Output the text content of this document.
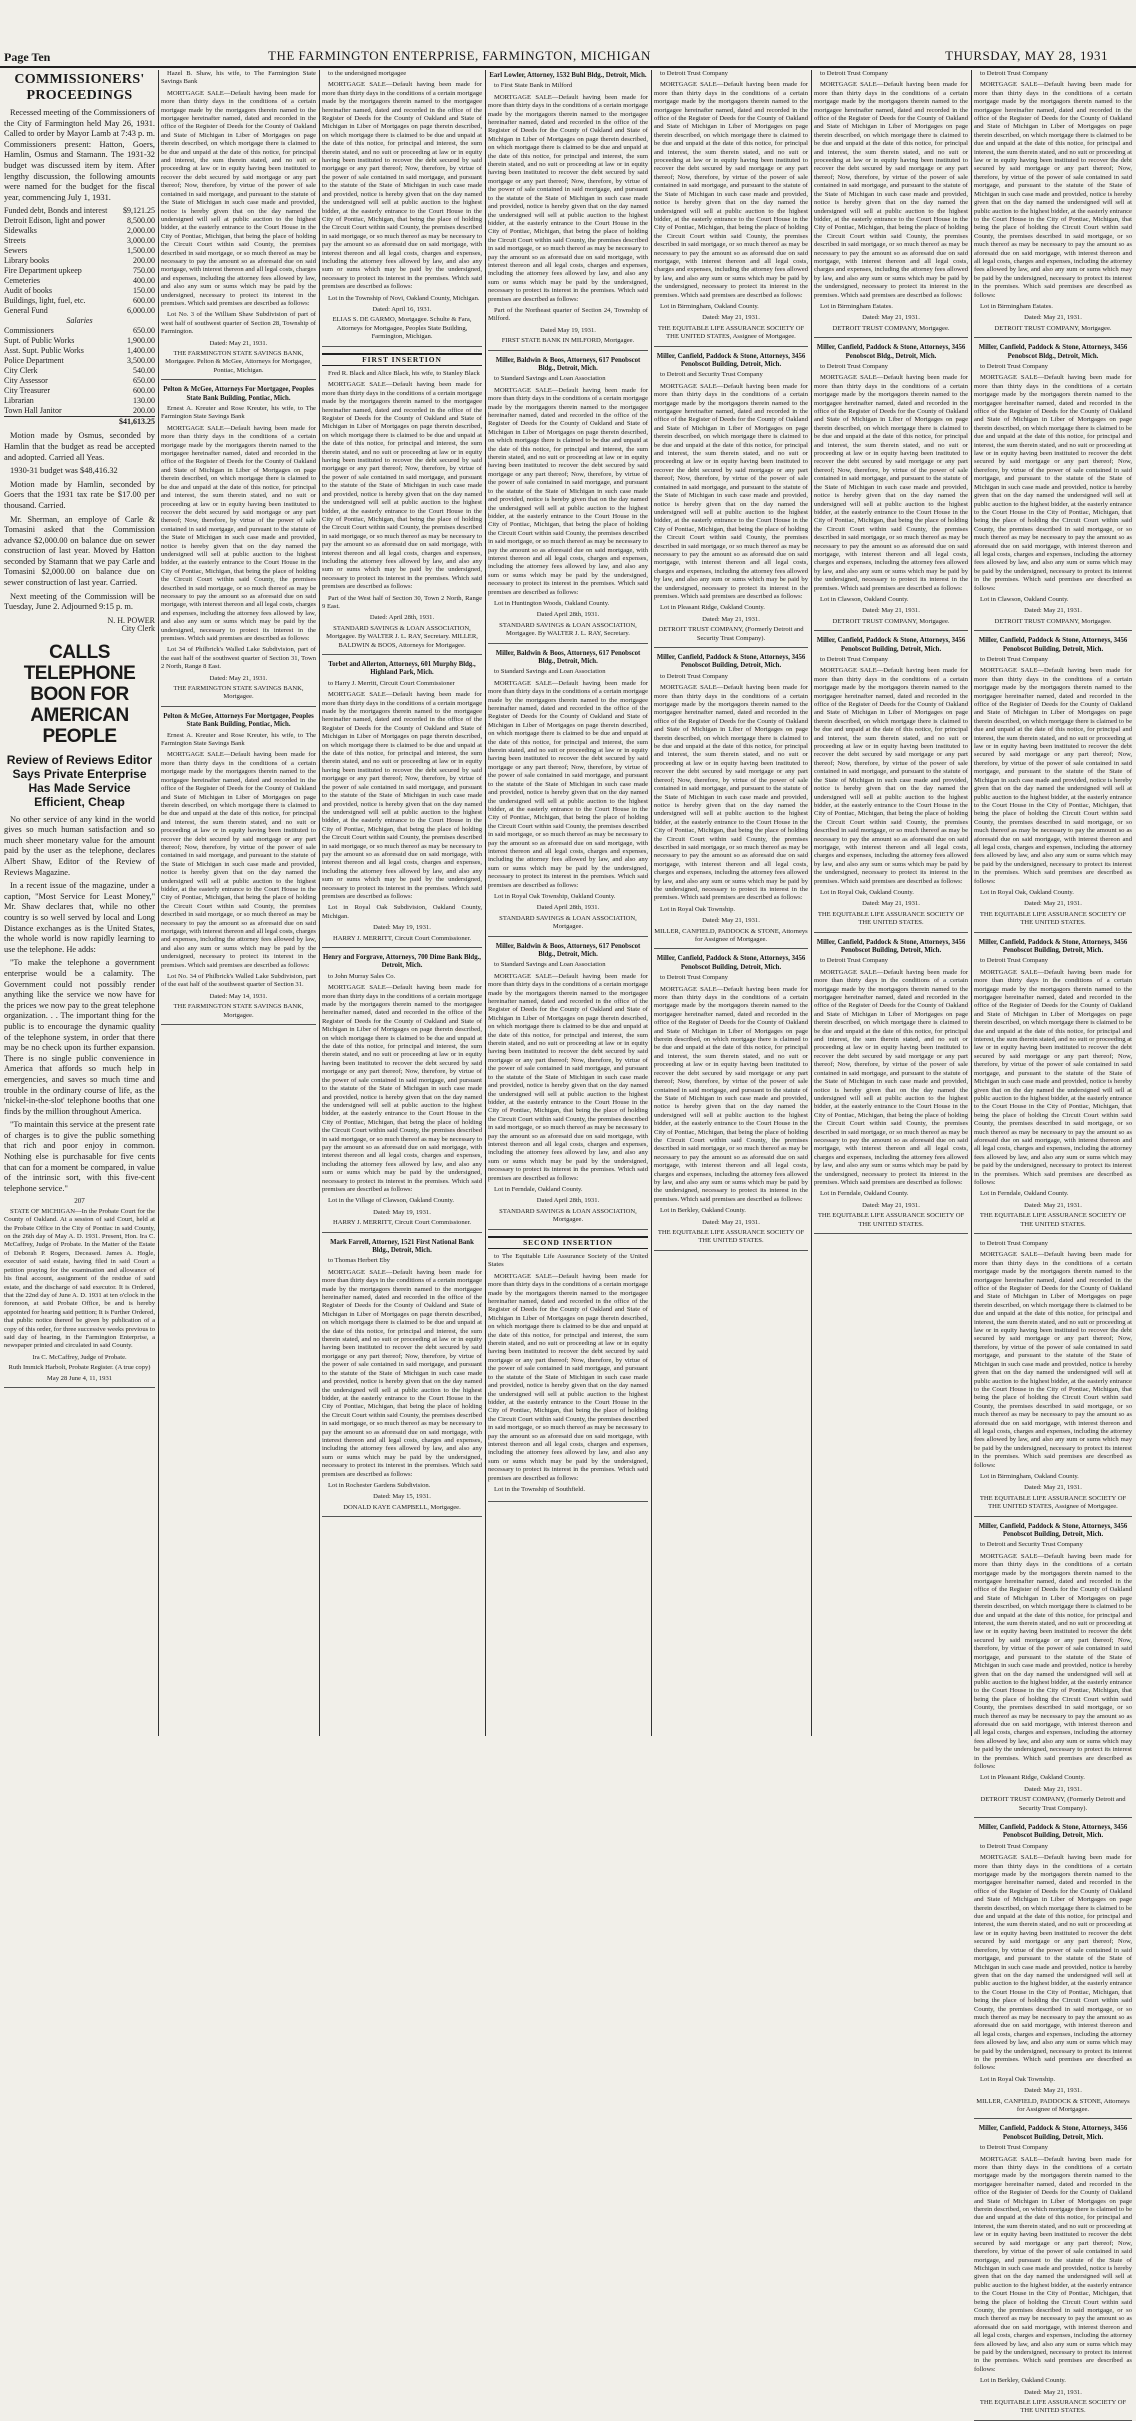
Page Ten	THE FARMINGTON ENTERPRISE, FARMINGTON, MICHIGAN	THURSDAY, MAY 28, 1931
COMMISSIONERS' PROCEEDINGS

Recessed meeting of the Commissioners of the City of Farmington held May 26, 1931. Called to order by Mayor Lamb at 7:43 p. m. Commissioners present: Hatton, Goers, Hamlin, Osmus and Stamann. The 1931-32 budget was discussed item by item. After lengthy discussion, the following amounts were named for the budget for the fiscal year, commencing July 1, 1931.

Funded debt, Bonds and interest	$9,121.25
Detroit Edison, light and power	8,500.00
Sidewalks	2,000.00
Streets	3,000.00
Sewers	1,500.00
Library books	200.00
Fire Department upkeep	750.00
Cemeteries	400.00
Audit of books	150.00
Buildings, light, fuel, etc.	600.00
General Fund	6,000.00
Salaries	
Commissioners	650.00
Supt. of Public Works	1,900.00
Asst. Supt. Public Works	1,400.00
Police Department	3,500.00
City Clerk	540.00
City Assessor	650.00
City Treasurer	600.00
Librarian	130.00
Town Hall Janitor	200.00
	$41,613.25

Motion made by Osmus, seconded by Hamlin that the budget as read be accepted and adopted. Carried all Yeas.

1930-31 budget was $48,416.32

Motion made by Hamlin, seconded by Goers that the 1931 tax rate be $17.00 per thousand. Carried.

Mr. Sherman, an employe of Carle & Tomasini asked that the Commission advance $2,000.00 on balance due on sewer construction of last year. Moved by Hatton seconded by Stamann that we pay Carle and Tomasini $2,000.00 on balance due on sewer construction of last year. Carried.

Next meeting of the Commission will be Tuesday, June 2. Adjourned 9:15 p. m.

N. H. POWER
City Clerk
CALLS TELEPHONE BOON FOR AMERICAN PEOPLE
Review of Reviews Editor Says Private Enterprise Has Made Service Efficient, Cheap

No other service of any kind in the world gives so much human satisfaction and so much sheer monetary value for the amount paid by the user as the telephone, declares Albert Shaw, Editor of the Review of Reviews Magazine.

In a recent issue of the magazine, under a caption, "Most Service for Least Money," Mr. Shaw declares that, while no other country is so well served by local and Long Distance exchanges as is the United States, the whole world is now rapidly learning to use the telephone. He adds:

"To make the telephone a government enterprise would be a calamity. The Government could not possibly render anything like the service we now have for the prices we now pay to the great telephone organization. . . The important thing for the public is to encourage the dynamic quality of the telephone system, in order that there may be no check upon its further expansion. There is no single public convenience in America that affords so much help in emergencies, and saves so much time and trouble in the ordinary course of life, as the 'nickel-in-the-slot' telephone booths that one finds by the million throughout America.

"To maintain this service at the present rate of charges is to give the public something that rich and poor enjoy in common. Nothing else is purchasable for five cents that can for a moment be compared, in value of the intrinsic sort, with this five-cent telephone service."

207

STATE OF MICHIGAN—In the Probate Court for the County of Oakland. At a session of said Court, held at the Probate Office in the City of Pontiac in said County, on the 26th day of May A. D. 1931. Present, Hon. Ira C. McCaffrey, Judge of Probate. In the Matter of the Estate of Deborah P. Rogers, Deceased. James A. Hogle, executor of said estate, having filed in said Court a petition praying for the examination and allowance of his final account, assignment of the residue of said estate, and the discharge of said executor. It is Ordered, that the 22nd day of June A. D. 1931 at ten o'clock in the forenoon, at said Probate Office, be and is hereby appointed for hearing said petition; It is Further Ordered, that public notice thereof be given by publication of a copy of this order, for three successive weeks previous to said day of hearing, in the Farmington Enterprise, a newspaper printed and circulated in said County.

Ira C. McCaffrey, Judge of Probate.
Ruth Immick Harbolt, Probate Register. (A true copy)
May 28 June 4, 11, 1931

Hazel B. Shaw, his wife, to The Farmington State Savings Bank

MORTGAGE SALE—Default having been made for more than thirty days in the conditions of a certain mortgage made by the mortgagors therein named to the mortgagee hereinafter named, dated and recorded in the office of the Register of Deeds for the County of Oakland and State of Michigan in Liber of Mortgages on page therein described, on which mortgage there is claimed to be due and unpaid at the date of this notice, for principal and interest, the sum therein stated, and no suit or proceeding at law or in equity having been instituted to recover the debt secured by said mortgage or any part thereof; Now, therefore, by virtue of the power of sale contained in said mortgage, and pursuant to the statute of the State of Michigan in such case made and provided, notice is hereby given that on the day named the undersigned will sell at public auction to the highest bidder, at the easterly entrance to the Court House in the City of Pontiac, Michigan, that being the place of holding the Circuit Court within said County, the premises described in said mortgage, or so much thereof as may be necessary to pay the amount so as aforesaid due on said mortgage, with interest thereon and all legal costs, charges and expenses, including the attorney fees allowed by law, and also any sum or sums which may be paid by the undersigned, necessary to protect its interest in the premises. Which said premises are described as follows:

Lot No. 3 of the William Shaw Subdivision of part of west half of southwest quarter of Section 28, Township of Farmington.

Dated: May 21, 1931.
THE FARMINGTON STATE SAVINGS BANK, Mortgagee. Pelton & McGee, Attorneys for Mortgagee, Pontiac, Michigan.
Pelton & McGee, Attorneys For Mortgagee, Peoples State Bank Building, Pontiac, Mich.

Ernest A. Kreuter and Rose Kreuter, his wife, to The Farmington State Savings Bank

MORTGAGE SALE—Default having been made for more than thirty days in the conditions of a certain mortgage made by the mortgagors therein named to the mortgagee hereinafter named, dated and recorded in the office of the Register of Deeds for the County of Oakland and State of Michigan in Liber of Mortgages on page therein described, on which mortgage there is claimed to be due and unpaid at the date of this notice, for principal and interest, the sum therein stated, and no suit or proceeding at law or in equity having been instituted to recover the debt secured by said mortgage or any part thereof; Now, therefore, by virtue of the power of sale contained in said mortgage, and pursuant to the statute of the State of Michigan in such case made and provided, notice is hereby given that on the day named the undersigned will sell at public auction to the highest bidder, at the easterly entrance to the Court House in the City of Pontiac, Michigan, that being the place of holding the Circuit Court within said County, the premises described in said mortgage, or so much thereof as may be necessary to pay the amount so as aforesaid due on said mortgage, with interest thereon and all legal costs, charges and expenses, including the attorney fees allowed by law, and also any sum or sums which may be paid by the undersigned, necessary to protect its interest in the premises. Which said premises are described as follows:

Lot 34 of Philbrick's Walled Lake Subdivision, part of the east half of the southwest quarter of Section 31, Town 2 North, Range 8 East.

Dated: May 21, 1931.
THE FARMINGTON STATE SAVINGS BANK, Mortgagee.
Pelton & McGee, Attorneys For Mortgagee, Peoples State Bank Building, Pontiac, Mich.

Ernest A. Kreuter and Rose Kreuter, his wife, to The Farmington State Savings Bank

MORTGAGE SALE—Default having been made for more than thirty days in the conditions of a certain mortgage made by the mortgagors therein named to the mortgagee hereinafter named, dated and recorded in the office of the Register of Deeds for the County of Oakland and State of Michigan in Liber of Mortgages on page therein described, on which mortgage there is claimed to be due and unpaid at the date of this notice, for principal and interest, the sum therein stated, and no suit or proceeding at law or in equity having been instituted to recover the debt secured by said mortgage or any part thereof; Now, therefore, by virtue of the power of sale contained in said mortgage, and pursuant to the statute of the State of Michigan in such case made and provided, notice is hereby given that on the day named the undersigned will sell at public auction to the highest bidder, at the easterly entrance to the Court House in the City of Pontiac, Michigan, that being the place of holding the Circuit Court within said County, the premises described in said mortgage, or so much thereof as may be necessary to pay the amount so as aforesaid due on said mortgage, with interest thereon and all legal costs, charges and expenses, including the attorney fees allowed by law, and also any sum or sums which may be paid by the undersigned, necessary to protect its interest in the premises. Which said premises are described as follows:

Lot No. 34 of Philbrick's Walled Lake Subdivision, part of the east half of the southwest quarter of Section 31.

Dated: May 14, 1931.
THE FARMINGTON STATE SAVINGS BANK, Mortgagee.

to the undersigned mortgagee

MORTGAGE SALE—Default having been made for more than thirty days in the conditions of a certain mortgage made by the mortgagors therein named to the mortgagee hereinafter named, dated and recorded in the office of the Register of Deeds for the County of Oakland and State of Michigan in Liber of Mortgages on page therein described, on which mortgage there is claimed to be due and unpaid at the date of this notice, for principal and interest, the sum therein stated, and no suit or proceeding at law or in equity having been instituted to recover the debt secured by said mortgage or any part thereof; Now, therefore, by virtue of the power of sale contained in said mortgage, and pursuant to the statute of the State of Michigan in such case made and provided, notice is hereby given that on the day named the undersigned will sell at public auction to the highest bidder, at the easterly entrance to the Court House in the City of Pontiac, Michigan, that being the place of holding the Circuit Court within said County, the premises described in said mortgage, or so much thereof as may be necessary to pay the amount so as aforesaid due on said mortgage, with interest thereon and all legal costs, charges and expenses, including the attorney fees allowed by law, and also any sum or sums which may be paid by the undersigned, necessary to protect its interest in the premises. Which said premises are described as follows:

Lot in the Township of Novi, Oakland County, Michigan.

Dated: April 16, 1931.
ELIAS S. DE GARMO, Mortgagee. Schulte & Fara, Attorneys for Mortgagee, Peoples State Building, Farmington, Michigan.
FIRST INSERTION

Fred R. Black and Alice Black, his wife, to Stanley Black

MORTGAGE SALE—Default having been made for more than thirty days in the conditions of a certain mortgage made by the mortgagors therein named to the mortgagee hereinafter named, dated and recorded in the office of the Register of Deeds for the County of Oakland and State of Michigan in Liber of Mortgages on page therein described, on which mortgage there is claimed to be due and unpaid at the date of this notice, for principal and interest, the sum therein stated, and no suit or proceeding at law or in equity having been instituted to recover the debt secured by said mortgage or any part thereof; Now, therefore, by virtue of the power of sale contained in said mortgage, and pursuant to the statute of the State of Michigan in such case made and provided, notice is hereby given that on the day named the undersigned will sell at public auction to the highest bidder, at the easterly entrance to the Court House in the City of Pontiac, Michigan, that being the place of holding the Circuit Court within said County, the premises described in said mortgage, or so much thereof as may be necessary to pay the amount so as aforesaid due on said mortgage, with interest thereon and all legal costs, charges and expenses, including the attorney fees allowed by law, and also any sum or sums which may be paid by the undersigned, necessary to protect its interest in the premises. Which said premises are described as follows:

Part of the West half of Section 30, Town 2 North, Range 9 East.

Dated: April 28th, 1931.
STANDARD SAVINGS & LOAN ASSOCIATION, Mortgagee. By WALTER J. L. RAY, Secretary. MILLER, BALDWIN & BOOS, Attorneys for Mortgagee.
Torbet and Allerton, Attorneys, 601 Murphy Bldg., Highland Park, Mich.

to Harry J. Merritt, Circuit Court Commissioner

MORTGAGE SALE—Default having been made for more than thirty days in the conditions of a certain mortgage made by the mortgagors therein named to the mortgagee hereinafter named, dated and recorded in the office of the Register of Deeds for the County of Oakland and State of Michigan in Liber of Mortgages on page therein described, on which mortgage there is claimed to be due and unpaid at the date of this notice, for principal and interest, the sum therein stated, and no suit or proceeding at law or in equity having been instituted to recover the debt secured by said mortgage or any part thereof; Now, therefore, by virtue of the power of sale contained in said mortgage, and pursuant to the statute of the State of Michigan in such case made and provided, notice is hereby given that on the day named the undersigned will sell at public auction to the highest bidder, at the easterly entrance to the Court House in the City of Pontiac, Michigan, that being the place of holding the Circuit Court within said County, the premises described in said mortgage, or so much thereof as may be necessary to pay the amount so as aforesaid due on said mortgage, with interest thereon and all legal costs, charges and expenses, including the attorney fees allowed by law, and also any sum or sums which may be paid by the undersigned, necessary to protect its interest in the premises. Which said premises are described as follows:

Lot in Royal Oak Subdivision, Oakland County, Michigan.

Dated: May 19, 1931.
HARRY J. MERRITT, Circuit Court Commissioner.
Henry and Forgrave, Attorneys, 700 Dime Bank Bldg., Detroit, Mich.

to John Murray Sales Co.

MORTGAGE SALE—Default having been made for more than thirty days in the conditions of a certain mortgage made by the mortgagors therein named to the mortgagee hereinafter named, dated and recorded in the office of the Register of Deeds for the County of Oakland and State of Michigan in Liber of Mortgages on page therein described, on which mortgage there is claimed to be due and unpaid at the date of this notice, for principal and interest, the sum therein stated, and no suit or proceeding at law or in equity having been instituted to recover the debt secured by said mortgage or any part thereof; Now, therefore, by virtue of the power of sale contained in said mortgage, and pursuant to the statute of the State of Michigan in such case made and provided, notice is hereby given that on the day named the undersigned will sell at public auction to the highest bidder, at the easterly entrance to the Court House in the City of Pontiac, Michigan, that being the place of holding the Circuit Court within said County, the premises described in said mortgage, or so much thereof as may be necessary to pay the amount so as aforesaid due on said mortgage, with interest thereon and all legal costs, charges and expenses, including the attorney fees allowed by law, and also any sum or sums which may be paid by the undersigned, necessary to protect its interest in the premises. Which said premises are described as follows:

Lot in the Village of Clawson, Oakland County.

Dated: May 19, 1931.
HARRY J. MERRITT, Circuit Court Commissioner.
Mark Farrell, Attorney, 1521 First National Bank Bldg., Detroit, Mich.

to Thomas Herbert Eby

MORTGAGE SALE—Default having been made for more than thirty days in the conditions of a certain mortgage made by the mortgagors therein named to the mortgagee hereinafter named, dated and recorded in the office of the Register of Deeds for the County of Oakland and State of Michigan in Liber of Mortgages on page therein described, on which mortgage there is claimed to be due and unpaid at the date of this notice, for principal and interest, the sum therein stated, and no suit or proceeding at law or in equity having been instituted to recover the debt secured by said mortgage or any part thereof; Now, therefore, by virtue of the power of sale contained in said mortgage, and pursuant to the statute of the State of Michigan in such case made and provided, notice is hereby given that on the day named the undersigned will sell at public auction to the highest bidder, at the easterly entrance to the Court House in the City of Pontiac, Michigan, that being the place of holding the Circuit Court within said County, the premises described in said mortgage, or so much thereof as may be necessary to pay the amount so as aforesaid due on said mortgage, with interest thereon and all legal costs, charges and expenses, including the attorney fees allowed by law, and also any sum or sums which may be paid by the undersigned, necessary to protect its interest in the premises. Which said premises are described as follows:

Lot in Rochester Gardens Subdivision.

Dated: May 15, 1931.
DONALD KAYE CAMPBELL, Mortgagee.
Earl Lowler, Attorney, 1532 Buhl Bldg., Detroit, Mich.

to First State Bank in Milford

MORTGAGE SALE—Default having been made for more than thirty days in the conditions of a certain mortgage made by the mortgagors therein named to the mortgagee hereinafter named, dated and recorded in the office of the Register of Deeds for the County of Oakland and State of Michigan in Liber of Mortgages on page therein described, on which mortgage there is claimed to be due and unpaid at the date of this notice, for principal and interest, the sum therein stated, and no suit or proceeding at law or in equity having been instituted to recover the debt secured by said mortgage or any part thereof; Now, therefore, by virtue of the power of sale contained in said mortgage, and pursuant to the statute of the State of Michigan in such case made and provided, notice is hereby given that on the day named the undersigned will sell at public auction to the highest bidder, at the easterly entrance to the Court House in the City of Pontiac, Michigan, that being the place of holding the Circuit Court within said County, the premises described in said mortgage, or so much thereof as may be necessary to pay the amount so as aforesaid due on said mortgage, with interest thereon and all legal costs, charges and expenses, including the attorney fees allowed by law, and also any sum or sums which may be paid by the undersigned, necessary to protect its interest in the premises. Which said premises are described as follows:

Part of the Northeast quarter of Section 24, Township of Milford.

Dated May 19, 1931.
FIRST STATE BANK IN MILFORD, Mortgagee.
Miller, Baldwin & Boos, Attorneys, 617 Penobscot Bldg., Detroit, Mich.

to Standard Savings and Loan Association

MORTGAGE SALE—Default having been made for more than thirty days in the conditions of a certain mortgage made by the mortgagors therein named to the mortgagee hereinafter named, dated and recorded in the office of the Register of Deeds for the County of Oakland and State of Michigan in Liber of Mortgages on page therein described, on which mortgage there is claimed to be due and unpaid at the date of this notice, for principal and interest, the sum therein stated, and no suit or proceeding at law or in equity having been instituted to recover the debt secured by said mortgage or any part thereof; Now, therefore, by virtue of the power of sale contained in said mortgage, and pursuant to the statute of the State of Michigan in such case made and provided, notice is hereby given that on the day named the undersigned will sell at public auction to the highest bidder, at the easterly entrance to the Court House in the City of Pontiac, Michigan, that being the place of holding the Circuit Court within said County, the premises described in said mortgage, or so much thereof as may be necessary to pay the amount so as aforesaid due on said mortgage, with interest thereon and all legal costs, charges and expenses, including the attorney fees allowed by law, and also any sum or sums which may be paid by the undersigned, necessary to protect its interest in the premises. Which said premises are described as follows:

Lot in Huntington Woods, Oakland County.

Dated April 28th, 1931.
STANDARD SAVINGS & LOAN ASSOCIATION, Mortgagee. By WALTER J. L. RAY, Secretary.
Miller, Baldwin & Boos, Attorneys, 617 Penobscot Bldg., Detroit, Mich.

to Standard Savings and Loan Association

MORTGAGE SALE—Default having been made for more than thirty days in the conditions of a certain mortgage made by the mortgagors therein named to the mortgagee hereinafter named, dated and recorded in the office of the Register of Deeds for the County of Oakland and State of Michigan in Liber of Mortgages on page therein described, on which mortgage there is claimed to be due and unpaid at the date of this notice, for principal and interest, the sum therein stated, and no suit or proceeding at law or in equity having been instituted to recover the debt secured by said mortgage or any part thereof; Now, therefore, by virtue of the power of sale contained in said mortgage, and pursuant to the statute of the State of Michigan in such case made and provided, notice is hereby given that on the day named the undersigned will sell at public auction to the highest bidder, at the easterly entrance to the Court House in the City of Pontiac, Michigan, that being the place of holding the Circuit Court within said County, the premises described in said mortgage, or so much thereof as may be necessary to pay the amount so as aforesaid due on said mortgage, with interest thereon and all legal costs, charges and expenses, including the attorney fees allowed by law, and also any sum or sums which may be paid by the undersigned, necessary to protect its interest in the premises. Which said premises are described as follows:

Lot in Royal Oak Township, Oakland County.

Dated April 28th, 1931.
STANDARD SAVINGS & LOAN ASSOCIATION, Mortgagee.
Miller, Baldwin & Boos, Attorneys, 617 Penobscot Bldg., Detroit, Mich.

to Standard Savings and Loan Association

MORTGAGE SALE—Default having been made for more than thirty days in the conditions of a certain mortgage made by the mortgagors therein named to the mortgagee hereinafter named, dated and recorded in the office of the Register of Deeds for the County of Oakland and State of Michigan in Liber of Mortgages on page therein described, on which mortgage there is claimed to be due and unpaid at the date of this notice, for principal and interest, the sum therein stated, and no suit or proceeding at law or in equity having been instituted to recover the debt secured by said mortgage or any part thereof; Now, therefore, by virtue of the power of sale contained in said mortgage, and pursuant to the statute of the State of Michigan in such case made and provided, notice is hereby given that on the day named the undersigned will sell at public auction to the highest bidder, at the easterly entrance to the Court House in the City of Pontiac, Michigan, that being the place of holding the Circuit Court within said County, the premises described in said mortgage, or so much thereof as may be necessary to pay the amount so as aforesaid due on said mortgage, with interest thereon and all legal costs, charges and expenses, including the attorney fees allowed by law, and also any sum or sums which may be paid by the undersigned, necessary to protect its interest in the premises. Which said premises are described as follows:

Lot in Ferndale, Oakland County.

Dated April 28th, 1931.
STANDARD SAVINGS & LOAN ASSOCIATION, Mortgagee.
SECOND INSERTION

to The Equitable Life Assurance Society of the United States

MORTGAGE SALE—Default having been made for more than thirty days in the conditions of a certain mortgage made by the mortgagors therein named to the mortgagee hereinafter named, dated and recorded in the office of the Register of Deeds for the County of Oakland and State of Michigan in Liber of Mortgages on page therein described, on which mortgage there is claimed to be due and unpaid at the date of this notice, for principal and interest, the sum therein stated, and no suit or proceeding at law or in equity having been instituted to recover the debt secured by said mortgage or any part thereof; Now, therefore, by virtue of the power of sale contained in said mortgage, and pursuant to the statute of the State of Michigan in such case made and provided, notice is hereby given that on the day named the undersigned will sell at public auction to the highest bidder, at the easterly entrance to the Court House in the City of Pontiac, Michigan, that being the place of holding the Circuit Court within said County, the premises described in said mortgage, or so much thereof as may be necessary to pay the amount so as aforesaid due on said mortgage, with interest thereon and all legal costs, charges and expenses, including the attorney fees allowed by law, and also any sum or sums which may be paid by the undersigned, necessary to protect its interest in the premises. Which said premises are described as follows:

Lot in the Township of Southfield.

to Detroit Trust Company

MORTGAGE SALE—Default having been made for more than thirty days in the conditions of a certain mortgage made by the mortgagors therein named to the mortgagee hereinafter named, dated and recorded in the office of the Register of Deeds for the County of Oakland and State of Michigan in Liber of Mortgages on page therein described, on which mortgage there is claimed to be due and unpaid at the date of this notice, for principal and interest, the sum therein stated, and no suit or proceeding at law or in equity having been instituted to recover the debt secured by said mortgage or any part thereof; Now, therefore, by virtue of the power of sale contained in said mortgage, and pursuant to the statute of the State of Michigan in such case made and provided, notice is hereby given that on the day named the undersigned will sell at public auction to the highest bidder, at the easterly entrance to the Court House in the City of Pontiac, Michigan, that being the place of holding the Circuit Court within said County, the premises described in said mortgage, or so much thereof as may be necessary to pay the amount so as aforesaid due on said mortgage, with interest thereon and all legal costs, charges and expenses, including the attorney fees allowed by law, and also any sum or sums which may be paid by the undersigned, necessary to protect its interest in the premises. Which said premises are described as follows:

Lot in Birmingham, Oakland County.

Dated: May 21, 1931.
THE EQUITABLE LIFE ASSURANCE SOCIETY OF THE UNITED STATES, Assignee of Mortgagee.
Miller, Canfield, Paddock & Stone, Attorneys, 3456 Penobscot Building, Detroit, Mich.

to Detroit and Security Trust Company

MORTGAGE SALE—Default having been made for more than thirty days in the conditions of a certain mortgage made by the mortgagors therein named to the mortgagee hereinafter named, dated and recorded in the office of the Register of Deeds for the County of Oakland and State of Michigan in Liber of Mortgages on page therein described, on which mortgage there is claimed to be due and unpaid at the date of this notice, for principal and interest, the sum therein stated, and no suit or proceeding at law or in equity having been instituted to recover the debt secured by said mortgage or any part thereof; Now, therefore, by virtue of the power of sale contained in said mortgage, and pursuant to the statute of the State of Michigan in such case made and provided, notice is hereby given that on the day named the undersigned will sell at public auction to the highest bidder, at the easterly entrance to the Court House in the City of Pontiac, Michigan, that being the place of holding the Circuit Court within said County, the premises described in said mortgage, or so much thereof as may be necessary to pay the amount so as aforesaid due on said mortgage, with interest thereon and all legal costs, charges and expenses, including the attorney fees allowed by law, and also any sum or sums which may be paid by the undersigned, necessary to protect its interest in the premises. Which said premises are described as follows:

Lot in Pleasant Ridge, Oakland County.

Dated: May 21, 1931.
DETROIT TRUST COMPANY, (Formerly Detroit and Security Trust Company).
Miller, Canfield, Paddock & Stone, Attorneys, 3456 Penobscot Building, Detroit, Mich.

to Detroit Trust Company

MORTGAGE SALE—Default having been made for more than thirty days in the conditions of a certain mortgage made by the mortgagors therein named to the mortgagee hereinafter named, dated and recorded in the office of the Register of Deeds for the County of Oakland and State of Michigan in Liber of Mortgages on page therein described, on which mortgage there is claimed to be due and unpaid at the date of this notice, for principal and interest, the sum therein stated, and no suit or proceeding at law or in equity having been instituted to recover the debt secured by said mortgage or any part thereof; Now, therefore, by virtue of the power of sale contained in said mortgage, and pursuant to the statute of the State of Michigan in such case made and provided, notice is hereby given that on the day named the undersigned will sell at public auction to the highest bidder, at the easterly entrance to the Court House in the City of Pontiac, Michigan, that being the place of holding the Circuit Court within said County, the premises described in said mortgage, or so much thereof as may be necessary to pay the amount so as aforesaid due on said mortgage, with interest thereon and all legal costs, charges and expenses, including the attorney fees allowed by law, and also any sum or sums which may be paid by the undersigned, necessary to protect its interest in the premises. Which said premises are described as follows:

Lot in Royal Oak Township.

Dated: May 21, 1931.
MILLER, CANFIELD, PADDOCK & STONE, Attorneys for Assignee of Mortgagee.
Miller, Canfield, Paddock & Stone, Attorneys, 3456 Penobscot Building, Detroit, Mich.

to Detroit Trust Company

MORTGAGE SALE—Default having been made for more than thirty days in the conditions of a certain mortgage made by the mortgagors therein named to the mortgagee hereinafter named, dated and recorded in the office of the Register of Deeds for the County of Oakland and State of Michigan in Liber of Mortgages on page therein described, on which mortgage there is claimed to be due and unpaid at the date of this notice, for principal and interest, the sum therein stated, and no suit or proceeding at law or in equity having been instituted to recover the debt secured by said mortgage or any part thereof; Now, therefore, by virtue of the power of sale contained in said mortgage, and pursuant to the statute of the State of Michigan in such case made and provided, notice is hereby given that on the day named the undersigned will sell at public auction to the highest bidder, at the easterly entrance to the Court House in the City of Pontiac, Michigan, that being the place of holding the Circuit Court within said County, the premises described in said mortgage, or so much thereof as may be necessary to pay the amount so as aforesaid due on said mortgage, with interest thereon and all legal costs, charges and expenses, including the attorney fees allowed by law, and also any sum or sums which may be paid by the undersigned, necessary to protect its interest in the premises. Which said premises are described as follows:

Lot in Berkley, Oakland County.

Dated: May 21, 1931.
THE EQUITABLE LIFE ASSURANCE SOCIETY OF THE UNITED STATES.

to Detroit Trust Company

MORTGAGE SALE—Default having been made for more than thirty days in the conditions of a certain mortgage made by the mortgagors therein named to the mortgagee hereinafter named, dated and recorded in the office of the Register of Deeds for the County of Oakland and State of Michigan in Liber of Mortgages on page therein described, on which mortgage there is claimed to be due and unpaid at the date of this notice, for principal and interest, the sum therein stated, and no suit or proceeding at law or in equity having been instituted to recover the debt secured by said mortgage or any part thereof; Now, therefore, by virtue of the power of sale contained in said mortgage, and pursuant to the statute of the State of Michigan in such case made and provided, notice is hereby given that on the day named the undersigned will sell at public auction to the highest bidder, at the easterly entrance to the Court House in the City of Pontiac, Michigan, that being the place of holding the Circuit Court within said County, the premises described in said mortgage, or so much thereof as may be necessary to pay the amount so as aforesaid due on said mortgage, with interest thereon and all legal costs, charges and expenses, including the attorney fees allowed by law, and also any sum or sums which may be paid by the undersigned, necessary to protect its interest in the premises. Which said premises are described as follows:

Lot in Birmingham Estates.

Dated: May 21, 1931.
DETROIT TRUST COMPANY, Mortgagee.
Miller, Canfield, Paddock & Stone, Attorneys, 3456 Penobscot Bldg., Detroit, Mich.

to Detroit Trust Company

MORTGAGE SALE—Default having been made for more than thirty days in the conditions of a certain mortgage made by the mortgagors therein named to the mortgagee hereinafter named, dated and recorded in the office of the Register of Deeds for the County of Oakland and State of Michigan in Liber of Mortgages on page therein described, on which mortgage there is claimed to be due and unpaid at the date of this notice, for principal and interest, the sum therein stated, and no suit or proceeding at law or in equity having been instituted to recover the debt secured by said mortgage or any part thereof; Now, therefore, by virtue of the power of sale contained in said mortgage, and pursuant to the statute of the State of Michigan in such case made and provided, notice is hereby given that on the day named the undersigned will sell at public auction to the highest bidder, at the easterly entrance to the Court House in the City of Pontiac, Michigan, that being the place of holding the Circuit Court within said County, the premises described in said mortgage, or so much thereof as may be necessary to pay the amount so as aforesaid due on said mortgage, with interest thereon and all legal costs, charges and expenses, including the attorney fees allowed by law, and also any sum or sums which may be paid by the undersigned, necessary to protect its interest in the premises. Which said premises are described as follows:

Lot in Clawson, Oakland County.

Dated: May 21, 1931.
DETROIT TRUST COMPANY, Mortgagee.
Miller, Canfield, Paddock & Stone, Attorneys, 3456 Penobscot Building, Detroit, Mich.

to Detroit Trust Company

MORTGAGE SALE—Default having been made for more than thirty days in the conditions of a certain mortgage made by the mortgagors therein named to the mortgagee hereinafter named, dated and recorded in the office of the Register of Deeds for the County of Oakland and State of Michigan in Liber of Mortgages on page therein described, on which mortgage there is claimed to be due and unpaid at the date of this notice, for principal and interest, the sum therein stated, and no suit or proceeding at law or in equity having been instituted to recover the debt secured by said mortgage or any part thereof; Now, therefore, by virtue of the power of sale contained in said mortgage, and pursuant to the statute of the State of Michigan in such case made and provided, notice is hereby given that on the day named the undersigned will sell at public auction to the highest bidder, at the easterly entrance to the Court House in the City of Pontiac, Michigan, that being the place of holding the Circuit Court within said County, the premises described in said mortgage, or so much thereof as may be necessary to pay the amount so as aforesaid due on said mortgage, with interest thereon and all legal costs, charges and expenses, including the attorney fees allowed by law, and also any sum or sums which may be paid by the undersigned, necessary to protect its interest in the premises. Which said premises are described as follows:

Lot in Royal Oak, Oakland County.

Dated: May 21, 1931.
THE EQUITABLE LIFE ASSURANCE SOCIETY OF THE UNITED STATES.
Miller, Canfield, Paddock & Stone, Attorneys, 3456 Penobscot Building, Detroit, Mich.

to Detroit Trust Company

MORTGAGE SALE—Default having been made for more than thirty days in the conditions of a certain mortgage made by the mortgagors therein named to the mortgagee hereinafter named, dated and recorded in the office of the Register of Deeds for the County of Oakland and State of Michigan in Liber of Mortgages on page therein described, on which mortgage there is claimed to be due and unpaid at the date of this notice, for principal and interest, the sum therein stated, and no suit or proceeding at law or in equity having been instituted to recover the debt secured by said mortgage or any part thereof; Now, therefore, by virtue of the power of sale contained in said mortgage, and pursuant to the statute of the State of Michigan in such case made and provided, notice is hereby given that on the day named the undersigned will sell at public auction to the highest bidder, at the easterly entrance to the Court House in the City of Pontiac, Michigan, that being the place of holding the Circuit Court within said County, the premises described in said mortgage, or so much thereof as may be necessary to pay the amount so as aforesaid due on said mortgage, with interest thereon and all legal costs, charges and expenses, including the attorney fees allowed by law, and also any sum or sums which may be paid by the undersigned, necessary to protect its interest in the premises. Which said premises are described as follows:

Lot in Ferndale, Oakland County.

Dated: May 21, 1931.
THE EQUITABLE LIFE ASSURANCE SOCIETY OF THE UNITED STATES.

to Detroit Trust Company

MORTGAGE SALE—Default having been made for more than thirty days in the conditions of a certain mortgage made by the mortgagors therein named to the mortgagee hereinafter named, dated and recorded in the office of the Register of Deeds for the County of Oakland and State of Michigan in Liber of Mortgages on page therein described, on which mortgage there is claimed to be due and unpaid at the date of this notice, for principal and interest, the sum therein stated, and no suit or proceeding at law or in equity having been instituted to recover the debt secured by said mortgage or any part thereof; Now, therefore, by virtue of the power of sale contained in said mortgage, and pursuant to the statute of the State of Michigan in such case made and provided, notice is hereby given that on the day named the undersigned will sell at public auction to the highest bidder, at the easterly entrance to the Court House in the City of Pontiac, Michigan, that being the place of holding the Circuit Court within said County, the premises described in said mortgage, or so much thereof as may be necessary to pay the amount so as aforesaid due on said mortgage, with interest thereon and all legal costs, charges and expenses, including the attorney fees allowed by law, and also any sum or sums which may be paid by the undersigned, necessary to protect its interest in the premises. Which said premises are described as follows:

Lot in Birmingham Estates.

Dated: May 21, 1931.
DETROIT TRUST COMPANY, Mortgagee.
Miller, Canfield, Paddock & Stone, Attorneys, 3456 Penobscot Bldg., Detroit, Mich.

to Detroit Trust Company

MORTGAGE SALE—Default having been made for more than thirty days in the conditions of a certain mortgage made by the mortgagors therein named to the mortgagee hereinafter named, dated and recorded in the office of the Register of Deeds for the County of Oakland and State of Michigan in Liber of Mortgages on page therein described, on which mortgage there is claimed to be due and unpaid at the date of this notice, for principal and interest, the sum therein stated, and no suit or proceeding at law or in equity having been instituted to recover the debt secured by said mortgage or any part thereof; Now, therefore, by virtue of the power of sale contained in said mortgage, and pursuant to the statute of the State of Michigan in such case made and provided, notice is hereby given that on the day named the undersigned will sell at public auction to the highest bidder, at the easterly entrance to the Court House in the City of Pontiac, Michigan, that being the place of holding the Circuit Court within said County, the premises described in said mortgage, or so much thereof as may be necessary to pay the amount so as aforesaid due on said mortgage, with interest thereon and all legal costs, charges and expenses, including the attorney fees allowed by law, and also any sum or sums which may be paid by the undersigned, necessary to protect its interest in the premises. Which said premises are described as follows:

Lot in Clawson, Oakland County.

Dated: May 21, 1931.
DETROIT TRUST COMPANY, Mortgagee.
Miller, Canfield, Paddock & Stone, Attorneys, 3456 Penobscot Building, Detroit, Mich.

to Detroit Trust Company

MORTGAGE SALE—Default having been made for more than thirty days in the conditions of a certain mortgage made by the mortgagors therein named to the mortgagee hereinafter named, dated and recorded in the office of the Register of Deeds for the County of Oakland and State of Michigan in Liber of Mortgages on page therein described, on which mortgage there is claimed to be due and unpaid at the date of this notice, for principal and interest, the sum therein stated, and no suit or proceeding at law or in equity having been instituted to recover the debt secured by said mortgage or any part thereof; Now, therefore, by virtue of the power of sale contained in said mortgage, and pursuant to the statute of the State of Michigan in such case made and provided, notice is hereby given that on the day named the undersigned will sell at public auction to the highest bidder, at the easterly entrance to the Court House in the City of Pontiac, Michigan, that being the place of holding the Circuit Court within said County, the premises described in said mortgage, or so much thereof as may be necessary to pay the amount so as aforesaid due on said mortgage, with interest thereon and all legal costs, charges and expenses, including the attorney fees allowed by law, and also any sum or sums which may be paid by the undersigned, necessary to protect its interest in the premises. Which said premises are described as follows:

Lot in Royal Oak, Oakland County.

Dated: May 21, 1931.
THE EQUITABLE LIFE ASSURANCE SOCIETY OF THE UNITED STATES.
Miller, Canfield, Paddock & Stone, Attorneys, 3456 Penobscot Building, Detroit, Mich.

to Detroit Trust Company

MORTGAGE SALE—Default having been made for more than thirty days in the conditions of a certain mortgage made by the mortgagors therein named to the mortgagee hereinafter named, dated and recorded in the office of the Register of Deeds for the County of Oakland and State of Michigan in Liber of Mortgages on page therein described, on which mortgage there is claimed to be due and unpaid at the date of this notice, for principal and interest, the sum therein stated, and no suit or proceeding at law or in equity having been instituted to recover the debt secured by said mortgage or any part thereof; Now, therefore, by virtue of the power of sale contained in said mortgage, and pursuant to the statute of the State of Michigan in such case made and provided, notice is hereby given that on the day named the undersigned will sell at public auction to the highest bidder, at the easterly entrance to the Court House in the City of Pontiac, Michigan, that being the place of holding the Circuit Court within said County, the premises described in said mortgage, or so much thereof as may be necessary to pay the amount so as aforesaid due on said mortgage, with interest thereon and all legal costs, charges and expenses, including the attorney fees allowed by law, and also any sum or sums which may be paid by the undersigned, necessary to protect its interest in the premises. Which said premises are described as follows:

Lot in Ferndale, Oakland County.

Dated: May 21, 1931.
THE EQUITABLE LIFE ASSURANCE SOCIETY OF THE UNITED STATES.

to Detroit Trust Company

MORTGAGE SALE—Default having been made for more than thirty days in the conditions of a certain mortgage made by the mortgagors therein named to the mortgagee hereinafter named, dated and recorded in the office of the Register of Deeds for the County of Oakland and State of Michigan in Liber of Mortgages on page therein described, on which mortgage there is claimed to be due and unpaid at the date of this notice, for principal and interest, the sum therein stated, and no suit or proceeding at law or in equity having been instituted to recover the debt secured by said mortgage or any part thereof; Now, therefore, by virtue of the power of sale contained in said mortgage, and pursuant to the statute of the State of Michigan in such case made and provided, notice is hereby given that on the day named the undersigned will sell at public auction to the highest bidder, at the easterly entrance to the Court House in the City of Pontiac, Michigan, that being the place of holding the Circuit Court within said County, the premises described in said mortgage, or so much thereof as may be necessary to pay the amount so as aforesaid due on said mortgage, with interest thereon and all legal costs, charges and expenses, including the attorney fees allowed by law, and also any sum or sums which may be paid by the undersigned, necessary to protect its interest in the premises. Which said premises are described as follows:

Lot in Birmingham, Oakland County.

Dated: May 21, 1931.
THE EQUITABLE LIFE ASSURANCE SOCIETY OF THE UNITED STATES, Assignee of Mortgagee.
Miller, Canfield, Paddock & Stone, Attorneys, 3456 Penobscot Building, Detroit, Mich.

to Detroit and Security Trust Company

MORTGAGE SALE—Default having been made for more than thirty days in the conditions of a certain mortgage made by the mortgagors therein named to the mortgagee hereinafter named, dated and recorded in the office of the Register of Deeds for the County of Oakland and State of Michigan in Liber of Mortgages on page therein described, on which mortgage there is claimed to be due and unpaid at the date of this notice, for principal and interest, the sum therein stated, and no suit or proceeding at law or in equity having been instituted to recover the debt secured by said mortgage or any part thereof; Now, therefore, by virtue of the power of sale contained in said mortgage, and pursuant to the statute of the State of Michigan in such case made and provided, notice is hereby given that on the day named the undersigned will sell at public auction to the highest bidder, at the easterly entrance to the Court House in the City of Pontiac, Michigan, that being the place of holding the Circuit Court within said County, the premises described in said mortgage, or so much thereof as may be necessary to pay the amount so as aforesaid due on said mortgage, with interest thereon and all legal costs, charges and expenses, including the attorney fees allowed by law, and also any sum or sums which may be paid by the undersigned, necessary to protect its interest in the premises. Which said premises are described as follows:

Lot in Pleasant Ridge, Oakland County.

Dated: May 21, 1931.
DETROIT TRUST COMPANY, (Formerly Detroit and Security Trust Company).
Miller, Canfield, Paddock & Stone, Attorneys, 3456 Penobscot Building, Detroit, Mich.

to Detroit Trust Company

MORTGAGE SALE—Default having been made for more than thirty days in the conditions of a certain mortgage made by the mortgagors therein named to the mortgagee hereinafter named, dated and recorded in the office of the Register of Deeds for the County of Oakland and State of Michigan in Liber of Mortgages on page therein described, on which mortgage there is claimed to be due and unpaid at the date of this notice, for principal and interest, the sum therein stated, and no suit or proceeding at law or in equity having been instituted to recover the debt secured by said mortgage or any part thereof; Now, therefore, by virtue of the power of sale contained in said mortgage, and pursuant to the statute of the State of Michigan in such case made and provided, notice is hereby given that on the day named the undersigned will sell at public auction to the highest bidder, at the easterly entrance to the Court House in the City of Pontiac, Michigan, that being the place of holding the Circuit Court within said County, the premises described in said mortgage, or so much thereof as may be necessary to pay the amount so as aforesaid due on said mortgage, with interest thereon and all legal costs, charges and expenses, including the attorney fees allowed by law, and also any sum or sums which may be paid by the undersigned, necessary to protect its interest in the premises. Which said premises are described as follows:

Lot in Royal Oak Township.

Dated: May 21, 1931.
MILLER, CANFIELD, PADDOCK & STONE, Attorneys for Assignee of Mortgagee.
Miller, Canfield, Paddock & Stone, Attorneys, 3456 Penobscot Building, Detroit, Mich.

to Detroit Trust Company

MORTGAGE SALE—Default having been made for more than thirty days in the conditions of a certain mortgage made by the mortgagors therein named to the mortgagee hereinafter named, dated and recorded in the office of the Register of Deeds for the County of Oakland and State of Michigan in Liber of Mortgages on page therein described, on which mortgage there is claimed to be due and unpaid at the date of this notice, for principal and interest, the sum therein stated, and no suit or proceeding at law or in equity having been instituted to recover the debt secured by said mortgage or any part thereof; Now, therefore, by virtue of the power of sale contained in said mortgage, and pursuant to the statute of the State of Michigan in such case made and provided, notice is hereby given that on the day named the undersigned will sell at public auction to the highest bidder, at the easterly entrance to the Court House in the City of Pontiac, Michigan, that being the place of holding the Circuit Court within said County, the premises described in said mortgage, or so much thereof as may be necessary to pay the amount so as aforesaid due on said mortgage, with interest thereon and all legal costs, charges and expenses, including the attorney fees allowed by law, and also any sum or sums which may be paid by the undersigned, necessary to protect its interest in the premises. Which said premises are described as follows:

Lot in Berkley, Oakland County.

Dated: May 21, 1931.
THE EQUITABLE LIFE ASSURANCE SOCIETY OF THE UNITED STATES.
